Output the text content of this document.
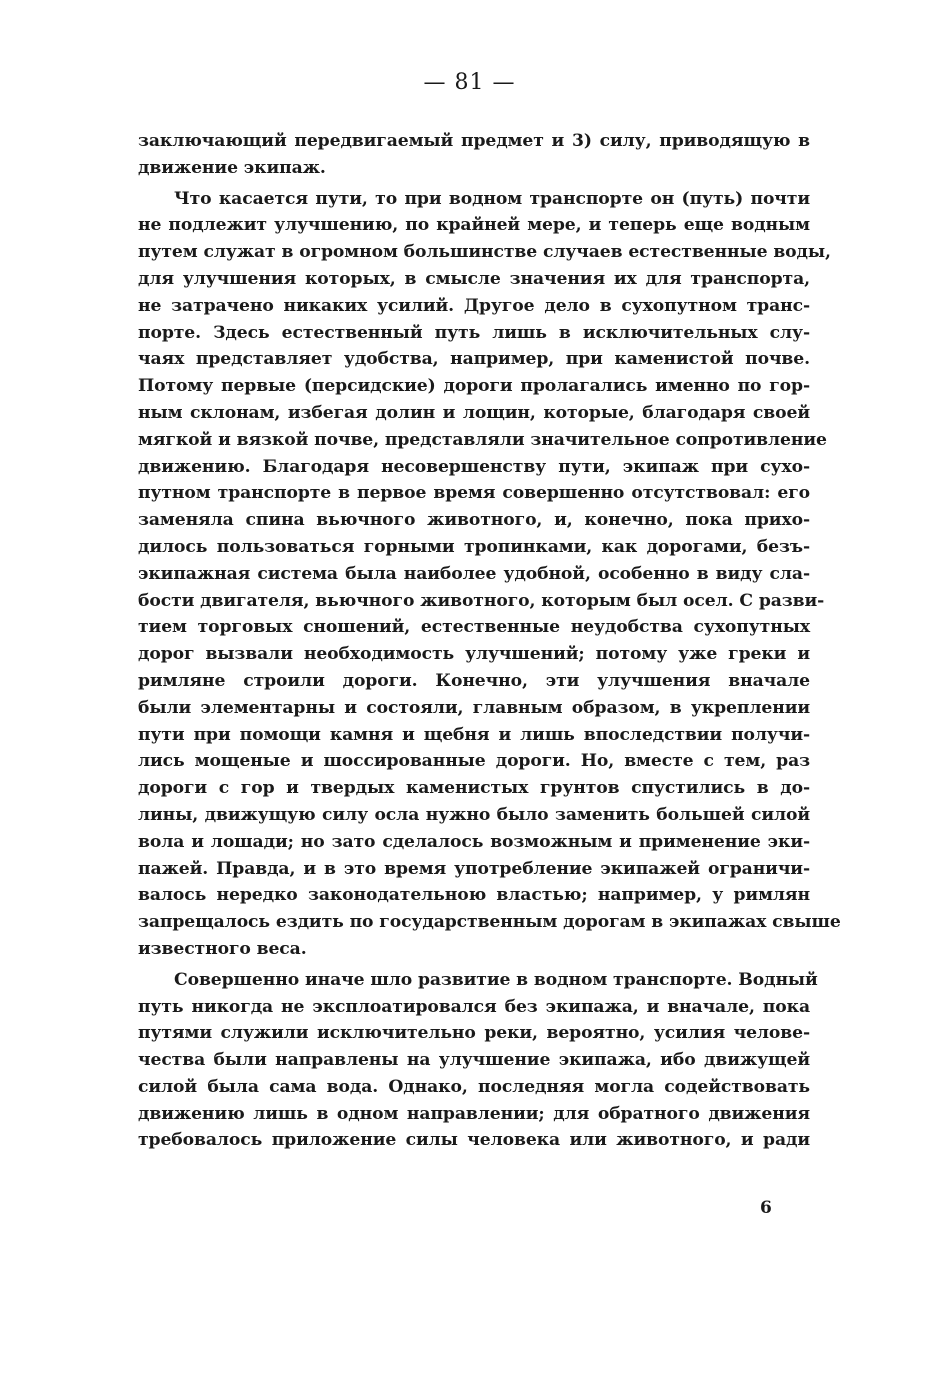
— 81 —
заключающий передвигаемый предмет и 3) силу, приводящую в
движение экипаж.
Что касается пути, то при водном транспорте он (путь) почти
не подлежит улучшению, по крайней мере, и теперь еще водным
путем служат в огромном большинстве случаев естественные воды,
для улучшения которых, в смысле значения их для транспорта,
не затрачено никаких усилий. Другое дело в сухопутном транс-
порте. Здесь естественный путь лишь в исключительных слу-
чаях представляет удобства, например, при каменистой почве.
Потому первые (персидские) дороги пролагались именно по гор-
ным склонам, избегая долин и лощин, которые, благодаря своей
мягкой и вязкой почве, представляли значительное сопротивление
движению. Благодаря несовершенству пути, экипаж при сухо-
путном транспорте в первое время совершенно отсутствовал: его
заменяла спина вьючного животного, и, конечно, пока прихо-
дилось пользоваться горными тропинками, как дорогами, безъ-
экипажная система была наиболее удобной, особенно в виду сла-
бости двигателя, вьючного животного, которым был осел. С разви-
тием торговых сношений, естественные неудобства сухопутных
дорог вызвали необходимость улучшений; потому уже греки и
римляне строили дороги. Конечно, эти улучшения вначале
были элементарны и состояли, главным образом, в укреплении
пути при помощи камня и щебня и лишь впоследствии получи-
лись мощеные и шоссированные дороги. Но, вместе с тем, раз
дороги с гор и твердых каменистых грунтов спустились в до-
лины, движущую силу осла нужно было заменить большей силой
вола и лошади; но зато сделалось возможным и применение эки-
пажей. Правда, и в это время употребление экипажей ограничи-
валось нередко законодательною властью; например, у римлян
запрещалось ездить по государственным дорогам в экипажах свыше
известного веса.
Совершенно иначе шло развитие в водном транспорте. Водный
путь никогда не эксплоатировался без экипажа, и вначале, пока
путями служили исключительно реки, вероятно, усилия челове-
чества были направлены на улучшение экипажа, ибо движущей
силой была сама вода. Однако, последняя могла содействовать
движению лишь в одном направлении; для обратного движения
требовалось приложение силы человека или животного, и ради
6
